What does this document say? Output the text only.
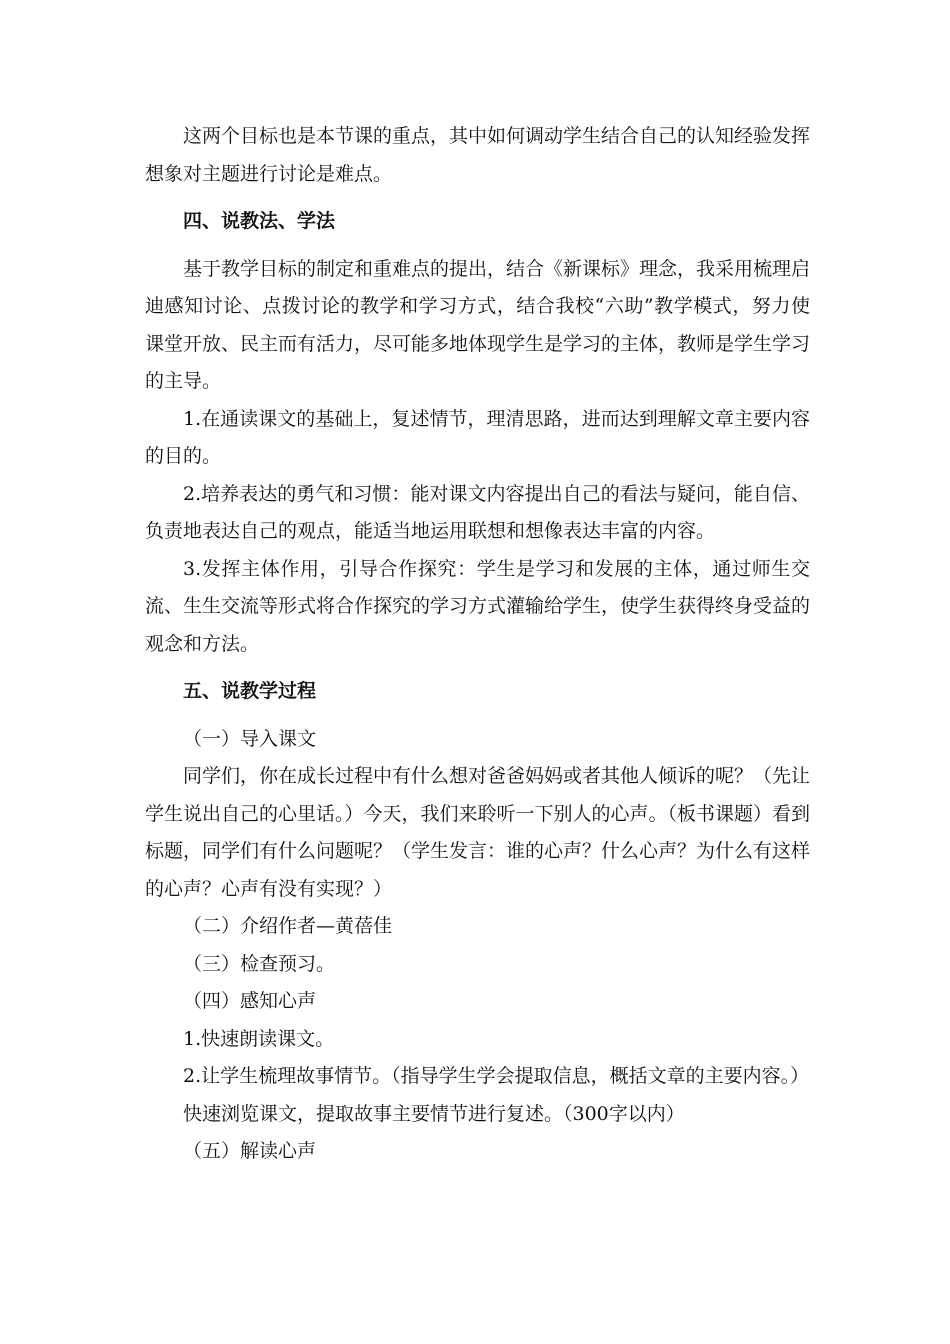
这两个目标也是本节课的重点，其中如何调动学生结合自己的认知经验发挥想象对主题进行讨论是难点。

四、说教法、学法

基于教学目标的制定和重难点的提出，结合《新课标》理念，我采用梳理启迪感知讨论、点拨讨论的教学和学习方式，结合我校“六助”教学模式，努力使课堂开放、民主而有活力，尽可能多地体现学生是学习的主体，教师是学生学习的主导。

1.在通读课文的基础上，复述情节，理清思路，进而达到理解文章主要内容的目的。

2.培养表达的勇气和习惯：能对课文内容提出自己的看法与疑问，能自信、负责地表达自己的观点，能适当地运用联想和想像表达丰富的内容。

3.发挥主体作用，引导合作探究：学生是学习和发展的主体，通过师生交流、生生交流等形式将合作探究的学习方式灌输给学生，使学生获得终身受益的观念和方法。

五、说教学过程

（一）导入课文

同学们，你在成长过程中有什么想对爸爸妈妈或者其他人倾诉的呢？（先让学生说出自己的心里话。）今天，我们来聆听一下别人的心声。（板书课题）看到标题，同学们有什么问题呢？（学生发言：谁的心声？什么心声？为什么有这样的心声？心声有没有实现？）

（二）介绍作者—黄蓓佳

（三）检查预习。

（四）感知心声

1.快速朗读课文。

2.让学生梳理故事情节。（指导学生学会提取信息，概括文章的主要内容。）

快速浏览课文，提取故事主要情节进行复述。（300字以内）

（五）解读心声
